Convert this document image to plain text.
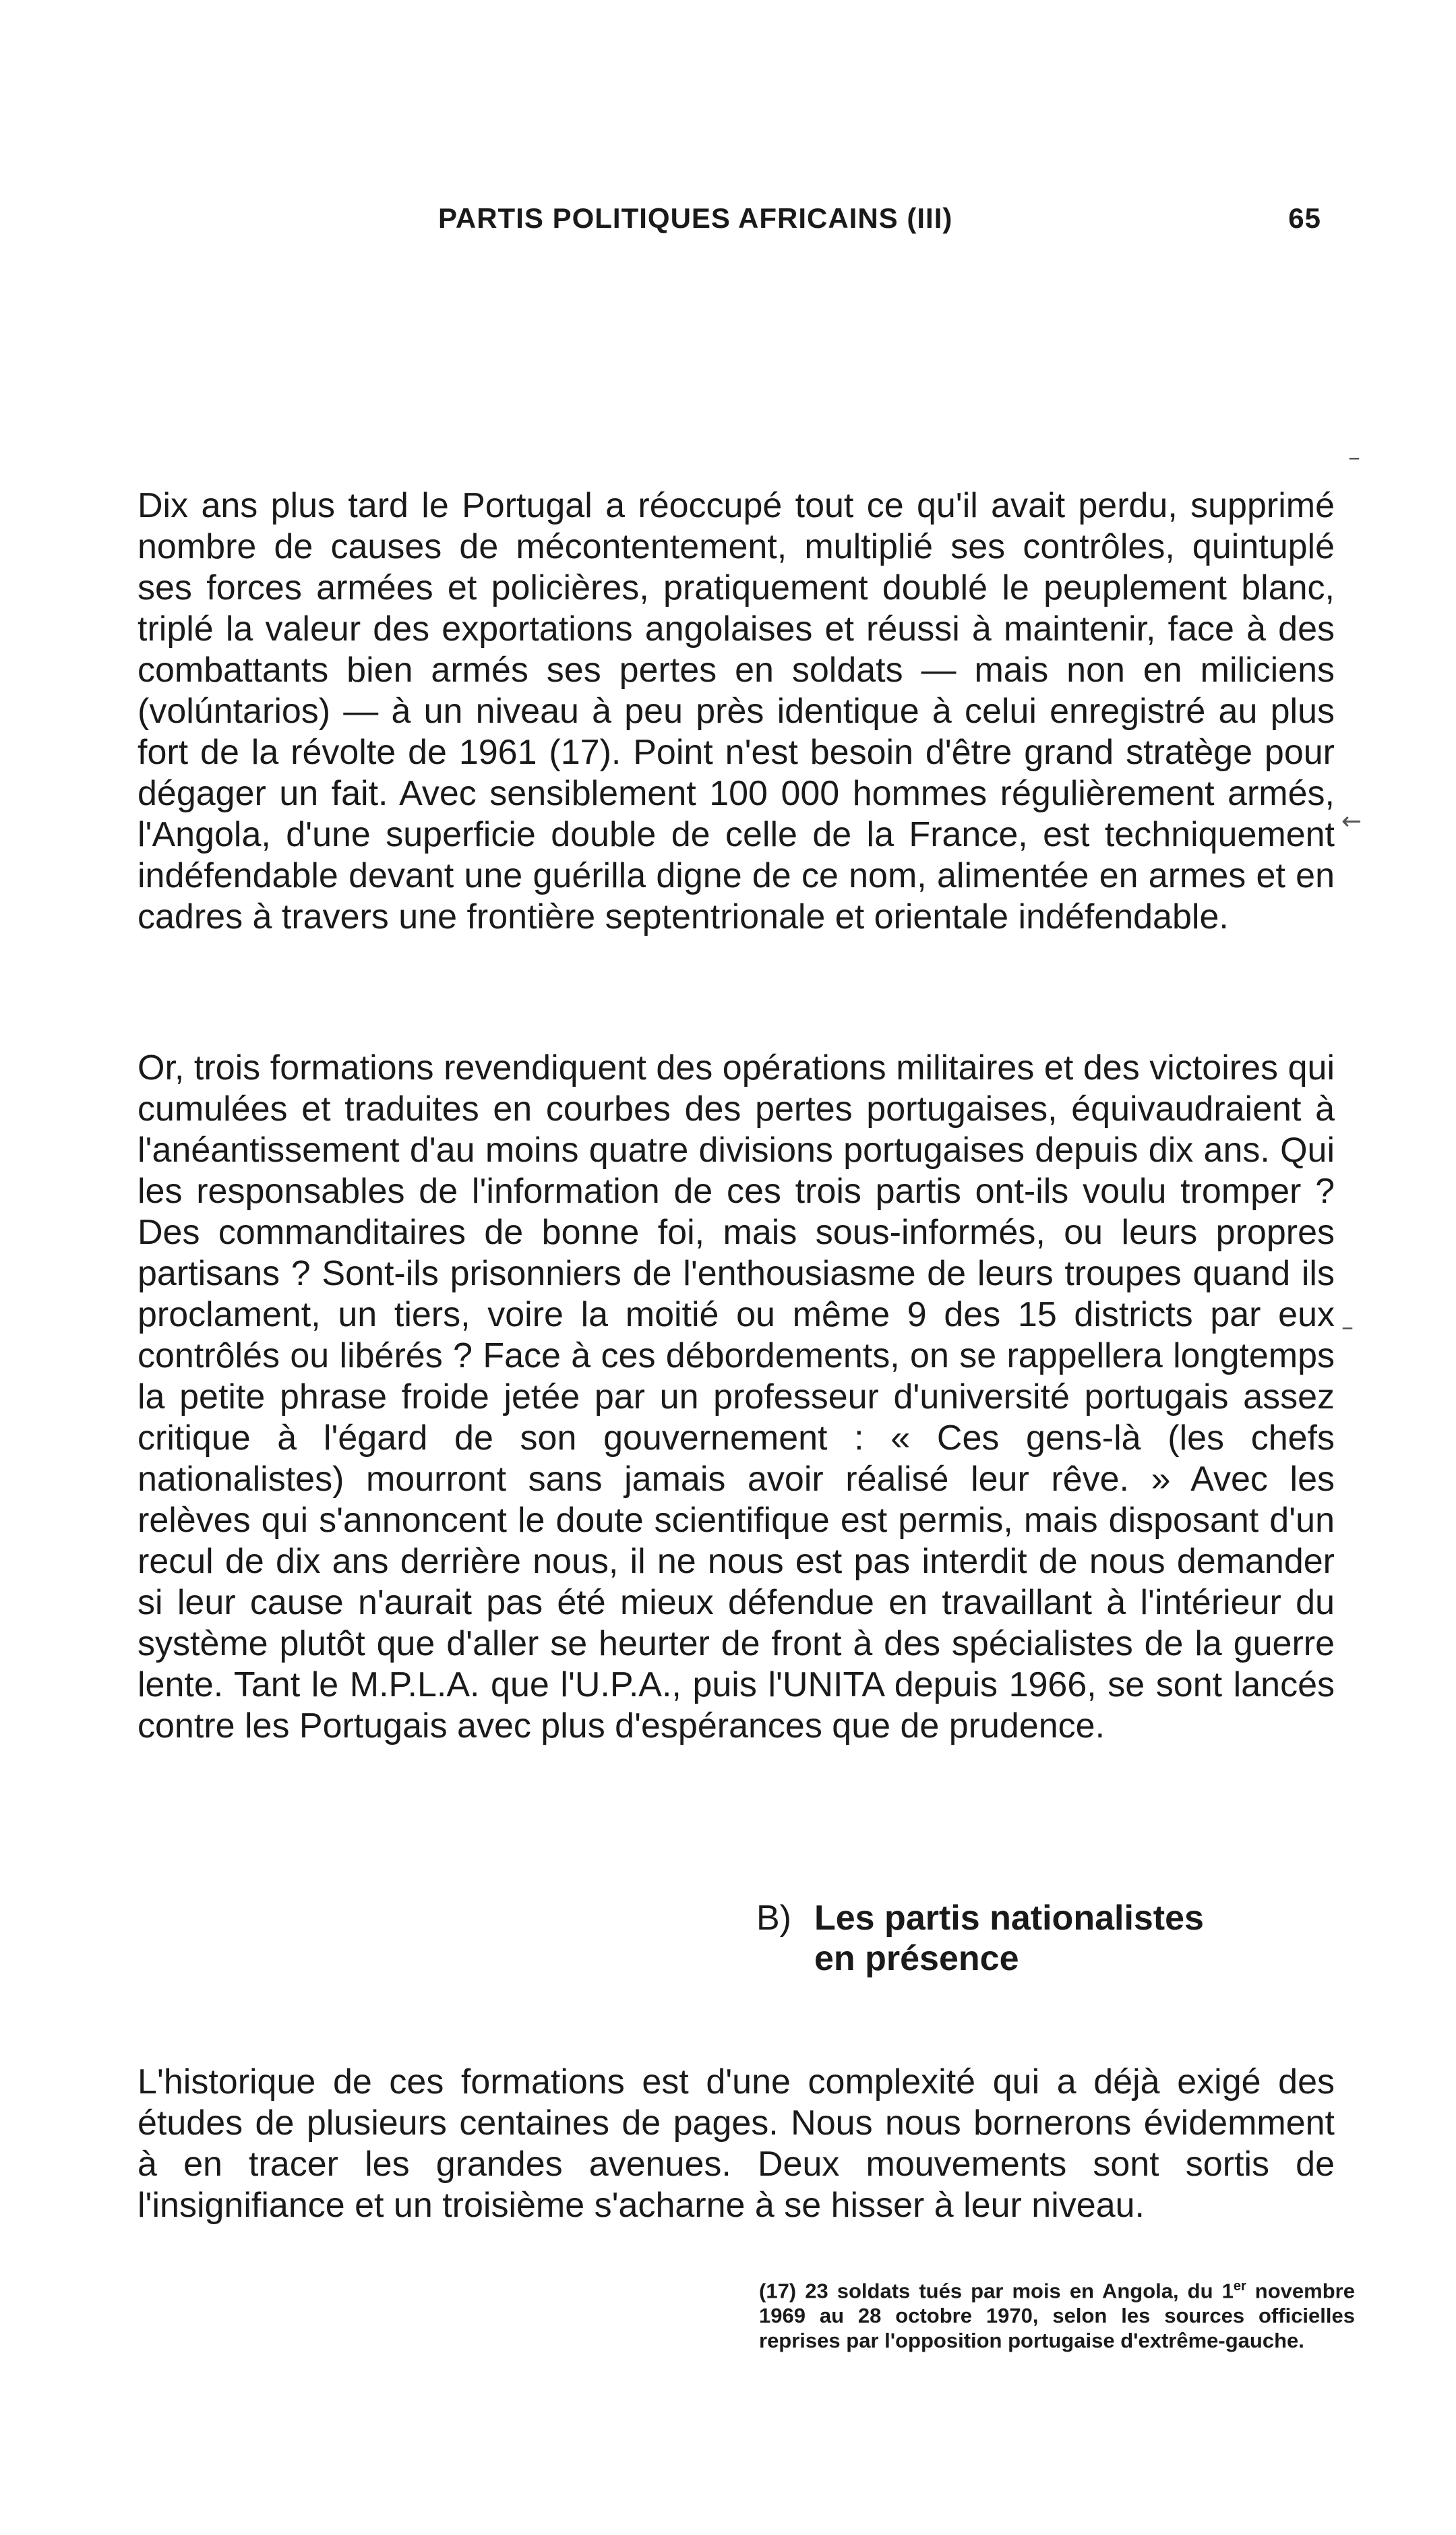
PARTIS POLITIQUES AFRICAINS (III)	65

Dix ans plus tard le Portugal a réoccupé tout ce qu'il avait perdu, supprimé nombre de causes de mécontentement, multiplié ses contrôles, quintuplé ses forces armées et policières, pratiquement doublé le peuplement blanc, triplé la valeur des exportations angolaises et réussi à maintenir, face à des combattants bien armés ses pertes en soldats — mais non en miliciens (volúntarios) — à un niveau à peu près identique à celui enregistré au plus fort de la révolte de 1961 (17). Point n'est besoin d'être grand stratège pour dégager un fait. Avec sensiblement 100 000 hommes régulièrement armés, l'Angola, d'une superficie double de celle de la France, est techniquement indéfendable devant une guérilla digne de ce nom, alimentée en armes et en cadres à travers une frontière septentrionale et orientale indéfendable.

Or, trois formations revendiquent des opérations militaires et des victoires qui cumulées et traduites en courbes des pertes portugaises, équivaudraient à l'anéantissement d'au moins quatre divisions portugaises depuis dix ans. Qui les responsables de l'information de ces trois partis ont-ils voulu tromper ? Des commanditaires de bonne foi, mais sous-informés, ou leurs propres partisans ? Sont-ils prisonniers de l'enthousiasme de leurs troupes quand ils proclament, un tiers, voire la moitié ou même 9 des 15 districts par eux contrôlés ou libérés ? Face à ces débordements, on se rappellera longtemps la petite phrase froide jetée par un professeur d'université portugais assez critique à l'égard de son gouvernement : « Ces gens-là (les chefs nationalistes) mourront sans jamais avoir réalisé leur rêve. » Avec les relèves qui s'annoncent le doute scientifique est permis, mais disposant d'un recul de dix ans derrière nous, il ne nous est pas interdit de nous demander si leur cause n'aurait pas été mieux défendue en travaillant à l'intérieur du système plutôt que d'aller se heurter de front à des spécialistes de la guerre lente. Tant le M.P.L.A. que l'U.P.A., puis l'UNITA depuis 1966, se sont lancés contre les Portugais avec plus d'espérances que de prudence.

B) Les partis nationalistes
en présence

L'historique de ces formations est d'une complexité qui a déjà exigé des études de plusieurs centaines de pages. Nous nous bornerons évidemment à en tracer les grandes avenues. Deux mouvements sont sortis de l'insignifiance et un troisième s'acharne à se hisser à leur niveau.

(17) 23 soldats tués par mois en Angola, du 1er novembre 1969 au 28 octobre 1970, selon les sources officielles reprises par l'opposition portugaise d'extrême-gauche.
–
←
–
